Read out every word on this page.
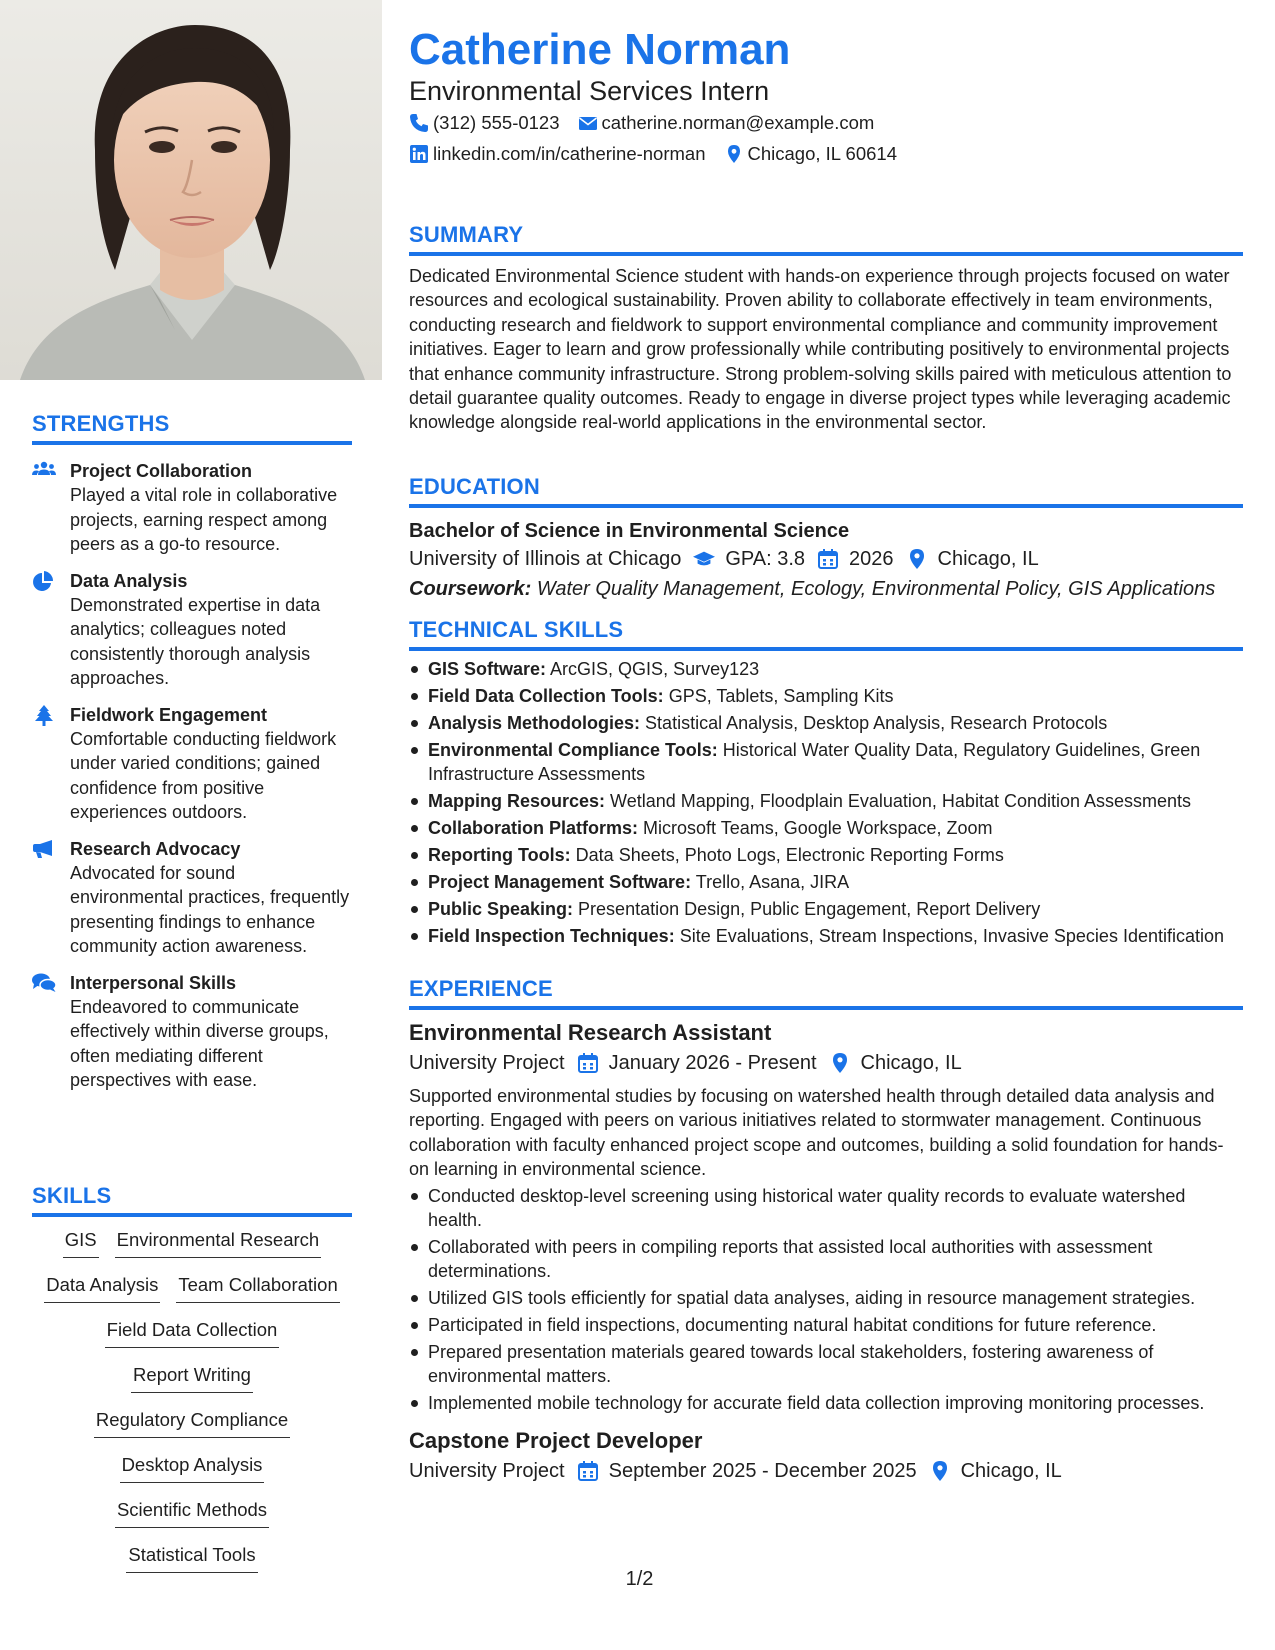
STRENGTHS
Project Collaboration
Played a vital role in collaborative projects, earning respect among peers as a go-to resource.
Data Analysis
Demonstrated expertise in data analytics; colleagues noted consistently thorough analysis approaches.
Fieldwork Engagement
Comfortable conducting fieldwork under varied conditions; gained confidence from positive experiences outdoors.
Research Advocacy
Advocated for sound environmental practices, frequently presenting findings to enhance community action awareness.
Interpersonal Skills
Endeavored to communicate effectively within diverse groups, often mediating different perspectives with ease.
SKILLS
GIS Environmental Research
Data Analysis Team Collaboration
Field Data Collection
Report Writing
Regulatory Compliance
Desktop Analysis
Scientific Methods
Statistical Tools
Catherine Norman
Environmental Services Intern
(312) 555-0123 catherine.norman@example.com
linkedin.com/in/catherine-norman Chicago, IL 60614
SUMMARY

Dedicated Environmental Science student with hands-on experience through projects focused on water resources and ecological sustainability. Proven ability to collaborate effectively in team environments, conducting research and fieldwork to support environmental compliance and community improvement initiatives. Eager to learn and grow professionally while contributing positively to environmental projects that enhance community infrastructure. Strong problem-solving skills paired with meticulous attention to detail guarantee quality outcomes. Ready to engage in diverse project types while leveraging academic knowledge alongside real-world applications in the environmental sector.

EDUCATION
Bachelor of Science in Environmental Science
University of Illinois at Chicago GPA: 3.8 2026 Chicago, IL
Coursework: Water Quality Management, Ecology, Environmental Policy, GIS Applications
TECHNICAL SKILLS
GIS Software: ArcGIS, QGIS, Survey123
Field Data Collection Tools: GPS, Tablets, Sampling Kits
Analysis Methodologies: Statistical Analysis, Desktop Analysis, Research Protocols
Environmental Compliance Tools: Historical Water Quality Data, Regulatory Guidelines, Green Infrastructure Assessments
Mapping Resources: Wetland Mapping, Floodplain Evaluation, Habitat Condition Assessments
Collaboration Platforms: Microsoft Teams, Google Workspace, Zoom
Reporting Tools: Data Sheets, Photo Logs, Electronic Reporting Forms
Project Management Software: Trello, Asana, JIRA
Public Speaking: Presentation Design, Public Engagement, Report Delivery
Field Inspection Techniques: Site Evaluations, Stream Inspections, Invasive Species Identification
EXPERIENCE
Environmental Research Assistant
University Project January 2026 - Present Chicago, IL

Supported environmental studies by focusing on watershed health through detailed data analysis and reporting. Engaged with peers on various initiatives related to stormwater management. Continuous collaboration with faculty enhanced project scope and outcomes, building a solid foundation for hands-on learning in environmental science.

Conducted desktop-level screening using historical water quality records to evaluate watershed health.
Collaborated with peers in compiling reports that assisted local authorities with assessment determinations.
Utilized GIS tools efficiently for spatial data analyses, aiding in resource management strategies.
Participated in field inspections, documenting natural habitat conditions for future reference.
Prepared presentation materials geared towards local stakeholders, fostering awareness of environmental matters.
Implemented mobile technology for accurate field data collection improving monitoring processes.
Capstone Project Developer
University Project September 2025 - December 2025 Chicago, IL
1/2
